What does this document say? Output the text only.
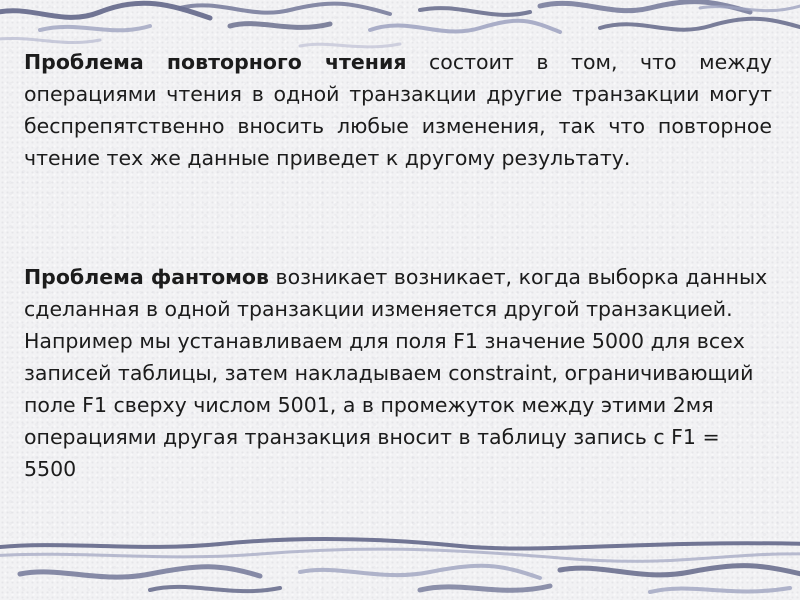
Проблема повторного чтения состоит в том, что между операциями чтения в одной транзакции другие транзакции могут беспрепятственно вносить любые изменения, так что повторное чтение тех же данные приведет к другому результату.
Проблема фантомов возникает возникает, когда выборка данных сделанная в одной транзакции изменяется другой транзакцией. Например мы устанавливаем для поля F1 значение 5000 для всех записей таблицы, затем накладываем constraint, ограничивающий поле F1 сверху числом 5001, а в промежуток между этими 2мя операциями другая транзакция вносит в таблицу запись с F1 = 5500
